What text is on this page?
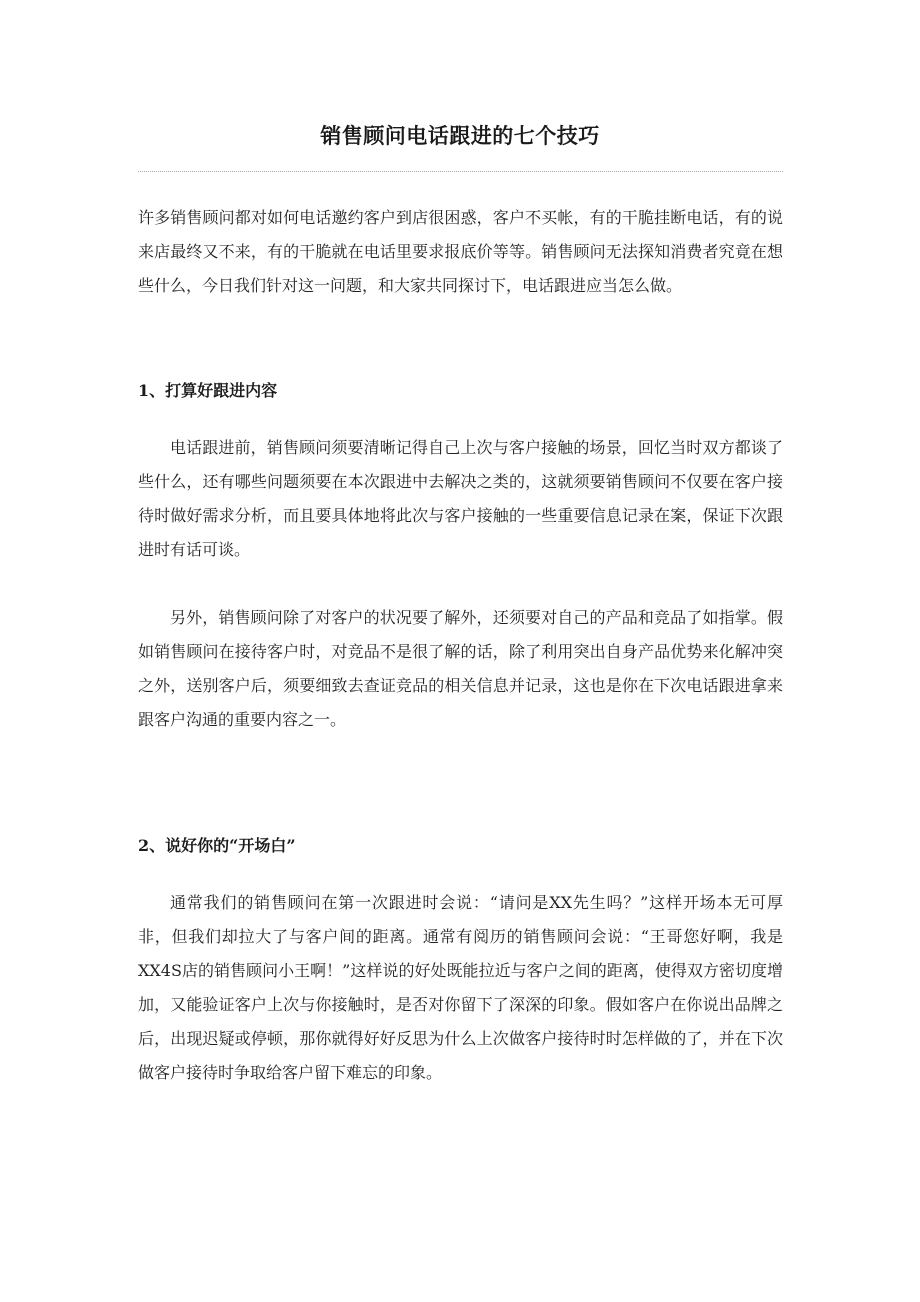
销售顾问电话跟进的七个技巧

许多销售顾问都对如何电话邀约客户到店很困惑，客户不买帐，有的干脆挂断电话，有的说来店最终又不来，有的干脆就在电话里要求报底价等等。销售顾问无法探知消费者究竟在想些什么，今日我们针对这一问题，和大家共同探讨下，电话跟进应当怎么做。

1、打算好跟进内容

电话跟进前，销售顾问须要清晰记得自己上次与客户接触的场景，回忆当时双方都谈了些什么，还有哪些问题须要在本次跟进中去解决之类的，这就须要销售顾问不仅要在客户接待时做好需求分析，而且要具体地将此次与客户接触的一些重要信息记录在案，保证下次跟进时有话可谈。

另外，销售顾问除了对客户的状况要了解外，还须要对自己的产品和竞品了如指掌。假如销售顾问在接待客户时，对竞品不是很了解的话，除了利用突出自身产品优势来化解冲突之外，送别客户后，须要细致去查证竞品的相关信息并记录，这也是你在下次电话跟进拿来跟客户沟通的重要内容之一。

2、说好你的“开场白”

通常我们的销售顾问在第一次跟进时会说：“请问是XX先生吗？”这样开场本无可厚非，但我们却拉大了与客户间的距离。通常有阅历的销售顾问会说：“王哥您好啊，我是XX4S店的销售顾问小王啊！”这样说的好处既能拉近与客户之间的距离，使得双方密切度增加，又能验证客户上次与你接触时，是否对你留下了深深的印象。假如客户在你说出品牌之后，出现迟疑或停顿，那你就得好好反思为什么上次做客户接待时时怎样做的了，并在下次做客户接待时争取给客户留下难忘的印象。
